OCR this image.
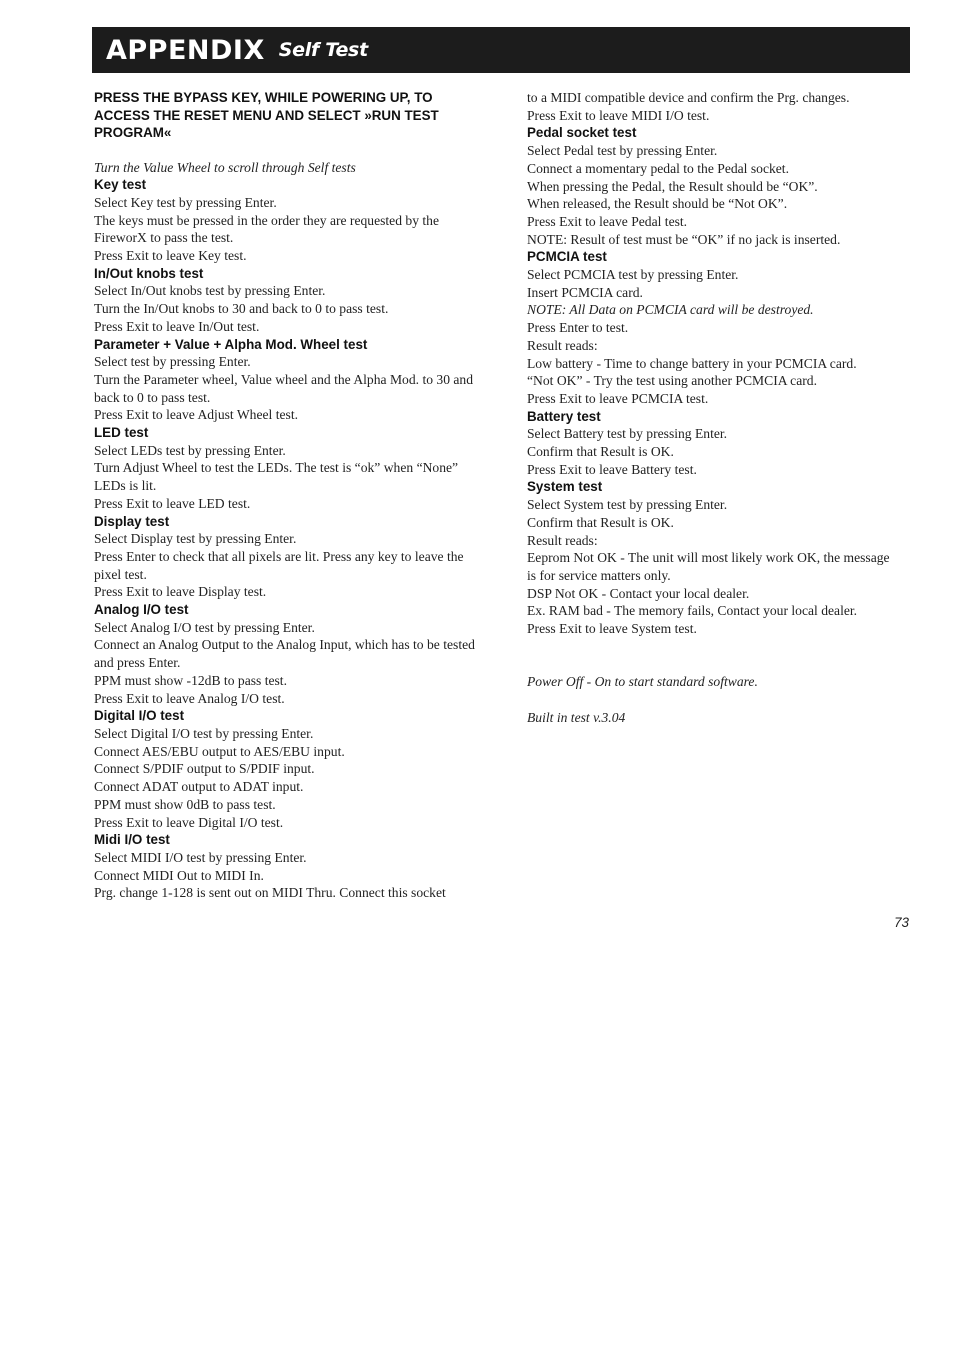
APPENDIX Self Test
PRESS THE BYPASS KEY, WHILE POWERING UP, TO ACCESS THE RESET MENU AND SELECT »RUN TEST PROGRAM«
Turn the Value Wheel to scroll through Self tests
Key test
Select Key test by pressing Enter.
The keys must be pressed in the order they are requested by the FireworX to pass the test.
Press Exit to leave Key test.
In/Out knobs test
Select In/Out knobs test by pressing Enter.
Turn the In/Out knobs to 30 and back to 0 to pass test.
Press Exit to leave In/Out test.
Parameter + Value + Alpha Mod. Wheel test
Select test by pressing Enter.
Turn the Parameter wheel, Value wheel and the Alpha Mod. to 30 and back to 0 to pass test.
Press Exit to leave Adjust Wheel test.
LED test
Select LEDs test by pressing Enter.
Turn Adjust Wheel to test the LEDs. The test is “ok” when “None” LEDs is lit.
Press Exit to leave LED test.
Display test
Select Display test by pressing Enter.
Press Enter to check that all pixels are lit. Press any key to leave the pixel test.
Press Exit to leave Display test.
Analog I/O test
Select Analog I/O test by pressing Enter.
Connect an Analog Output to the Analog Input, which has to be tested and press Enter.
PPM must show -12dB to pass test.
Press Exit to leave Analog I/O test.
Digital I/O test
Select Digital I/O test by pressing Enter.
Connect AES/EBU output to AES/EBU input.
Connect S/PDIF output to S/PDIF input.
Connect ADAT output to ADAT input.
PPM must show 0dB to pass test.
Press Exit to leave Digital I/O test.
Midi I/O test
Select MIDI I/O test by pressing Enter.
Connect MIDI Out to MIDI In.
Prg. change 1-128 is sent out on MIDI Thru. Connect this socket
to a MIDI compatible device and confirm the Prg. changes.
Press Exit to leave MIDI I/O test.
Pedal socket test
Select Pedal test by pressing Enter.
Connect a momentary pedal to the Pedal socket.
When pressing the Pedal, the Result should be “OK”.
When released, the Result should be “Not OK”.
Press Exit to leave Pedal test.
NOTE: Result of test must be “OK” if no jack is inserted.
PCMCIA test
Select PCMCIA test by pressing Enter.
Insert PCMCIA card.
NOTE: All Data on PCMCIA card will be destroyed.
Press Enter to test.
Result reads:
Low battery - Time to change battery in your PCMCIA card.
“Not OK” - Try the test using another PCMCIA card.
Press Exit to leave PCMCIA test.
Battery test
Select Battery test by pressing Enter.
Confirm that Result is OK.
Press Exit to leave Battery test.
System test
Select System test by pressing Enter.
Confirm that Result is OK.
Result reads:
Eeprom Not OK - The unit will most likely work OK, the message is for service matters only.
DSP Not OK - Contact your local dealer.
Ex. RAM bad - The memory fails, Contact your local dealer.
Press Exit to leave System test.
Power Off - On to start standard software.
Built in test v.3.04
73
